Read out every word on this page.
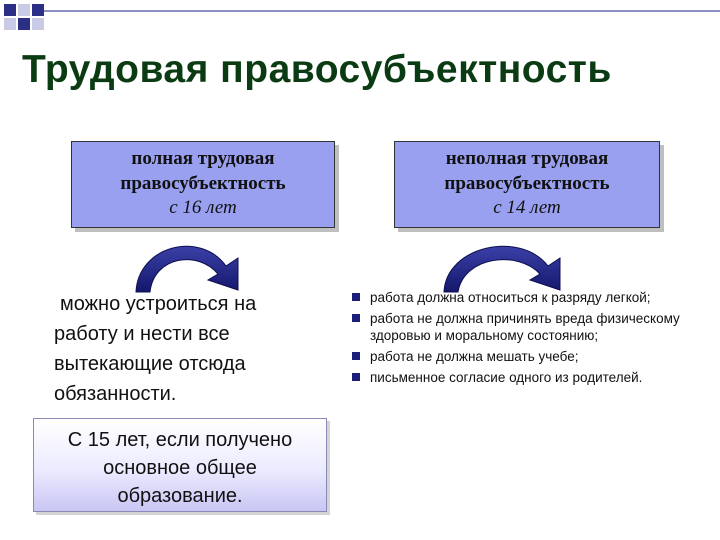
Трудовая правосубъектность
полная трудовая
правосубъектность
с 16 лет
неполная трудовая
правосубъектность
с 14 лет
можно устроиться на
работу и нести все
вытекающие отсюда
обязанности.
С 15 лет, если получено
основное общее
образование.
работа должна относиться к разряду легкой;
работа не должна причинять вреда физическому здоровью и моральному состоянию;
работа не должна мешать учебе;
письменное согласие одного из родителей.
